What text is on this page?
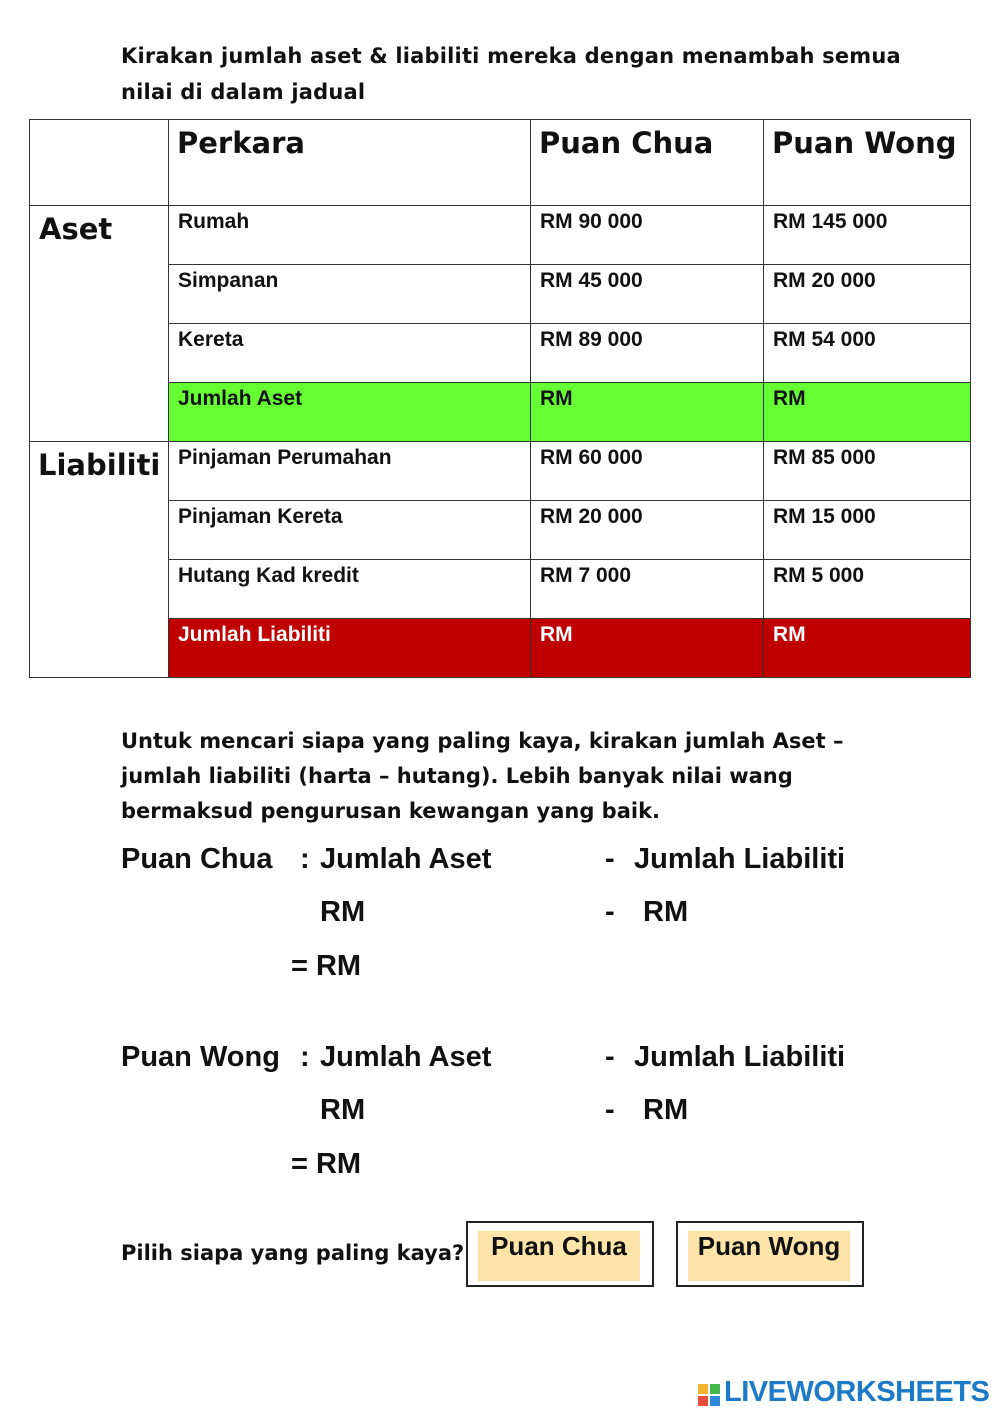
Kirakan jumlah aset & liabiliti mereka dengan menambah semua
nilai di dalam jadual

	Perkara	Puan Chua	Puan Wong

Aset	Rumah	RM 90 000	RM 145 000

	Simpanan	RM 45 000	RM 20 000

	Kereta	RM 89 000	RM 54 000

	Jumlah Aset	RM	RM

Liabiliti	Pinjaman Perumahan	RM 60 000	RM 85 000

	Pinjaman Kereta	RM 20 000	RM 15 000

	Hutang Kad kredit	RM 7 000	RM 5 000

	Jumlah Liabiliti	RM	RM
Untuk mencari siapa yang paling kaya, kirakan jumlah Aset –
jumlah liabiliti (harta – hutang). Lebih banyak nilai wang
bermaksud pengurusan kewangan yang baik.
Puan Chua : Jumlah Aset	- Jumlah Liabiliti
RM	- RM
= RM
Puan Wong : Jumlah Aset	- Jumlah Liabiliti
RM	- RM
= RM
Pilih siapa yang paling kaya?	Puan Chua	Puan Wong
LIVEWORKSHEETS
